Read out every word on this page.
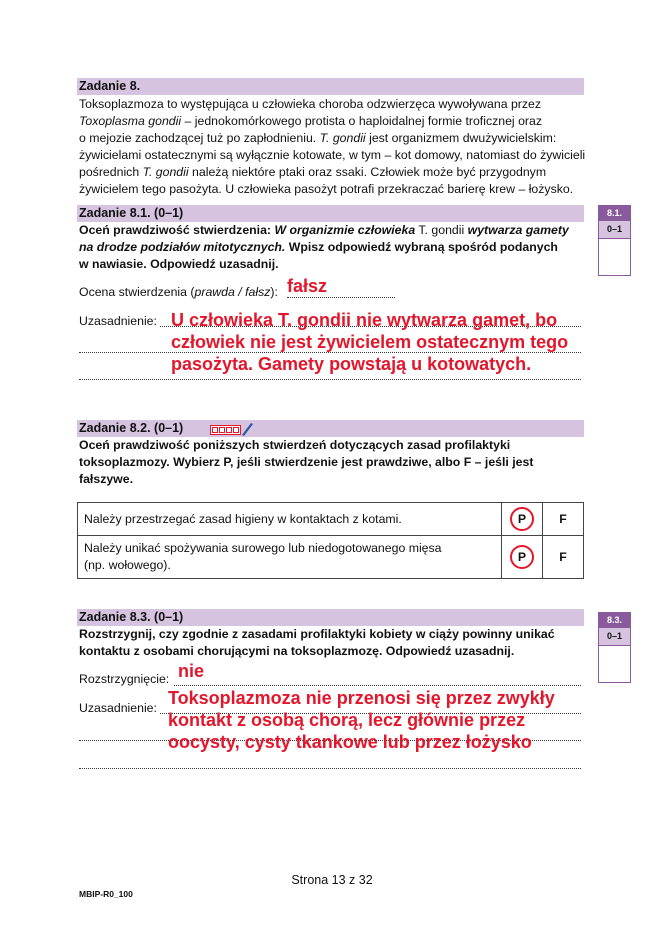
Zadanie 8.
Toksoplazmoza to występująca u człowieka choroba odzwierzęca wywoływana przez
Toxoplasma gondii – jednokomórkowego protista o haploidalnej formie troficznej oraz
o mejozie zachodzącej tuż po zapłodnieniu. T. gondii jest organizmem dwużywicielskim:
żywicielami ostatecznymi są wyłącznie kotowate, w tym – kot domowy, natomiast do żywicieli
pośrednich T. gondii należą niektóre ptaki oraz ssaki. Człowiek może być przygodnym
żywicielem tego pasożyta. U człowieka pasożyt potrafi przekraczać barierę krew – łożysko.
Zadanie 8.1. (0–1)	8.1.
0–1
Oceń prawdziwość stwierdzenia: W organizmie człowieka T. gondii wytwarza gamety
na drodze podziałów mitotycznych. Wpisz odpowiedź wybraną spośród podanych
w nawiasie. Odpowiedź uzasadnij.
Ocena stwierdzenia (prawda / fałsz): fałsz
Uzasadnienie: U człowieka T. gondii nie wytwarza gamet, bo
człowiek nie jest żywicielem ostatecznym tego
pasożyta. Gamety powstają u kotowatych.
Zadanie 8.2. (0–1)
Oceń prawdziwość poniższych stwierdzeń dotyczących zasad profilaktyki
toksoplazmozy. Wybierz P, jeśli stwierdzenie jest prawdziwe, albo F – jeśli jest
fałszywe.
Należy przestrzegać zasad higieny w kontaktach z kotami.	P	F

Należy unikać spożywania surowego lub niedogotowanego mięsa (np. wołowego).	P	F
Zadanie 8.3. (0–1)	8.3.
0–1
Rozstrzygnij, czy zgodnie z zasadami profilaktyki kobiety w ciąży powinny unikać
kontaktu z osobami chorującymi na toksoplazmozę. Odpowiedź uzasadnij.
Rozstrzygnięcie: nie
Uzasadnienie: Toksoplazmoza nie przenosi się przez zwykły
kontakt z osobą chorą, lecz głównie przez
oocysty, cysty tkankowe lub przez łożysko
Strona 13 z 32
MBIP-R0_100
